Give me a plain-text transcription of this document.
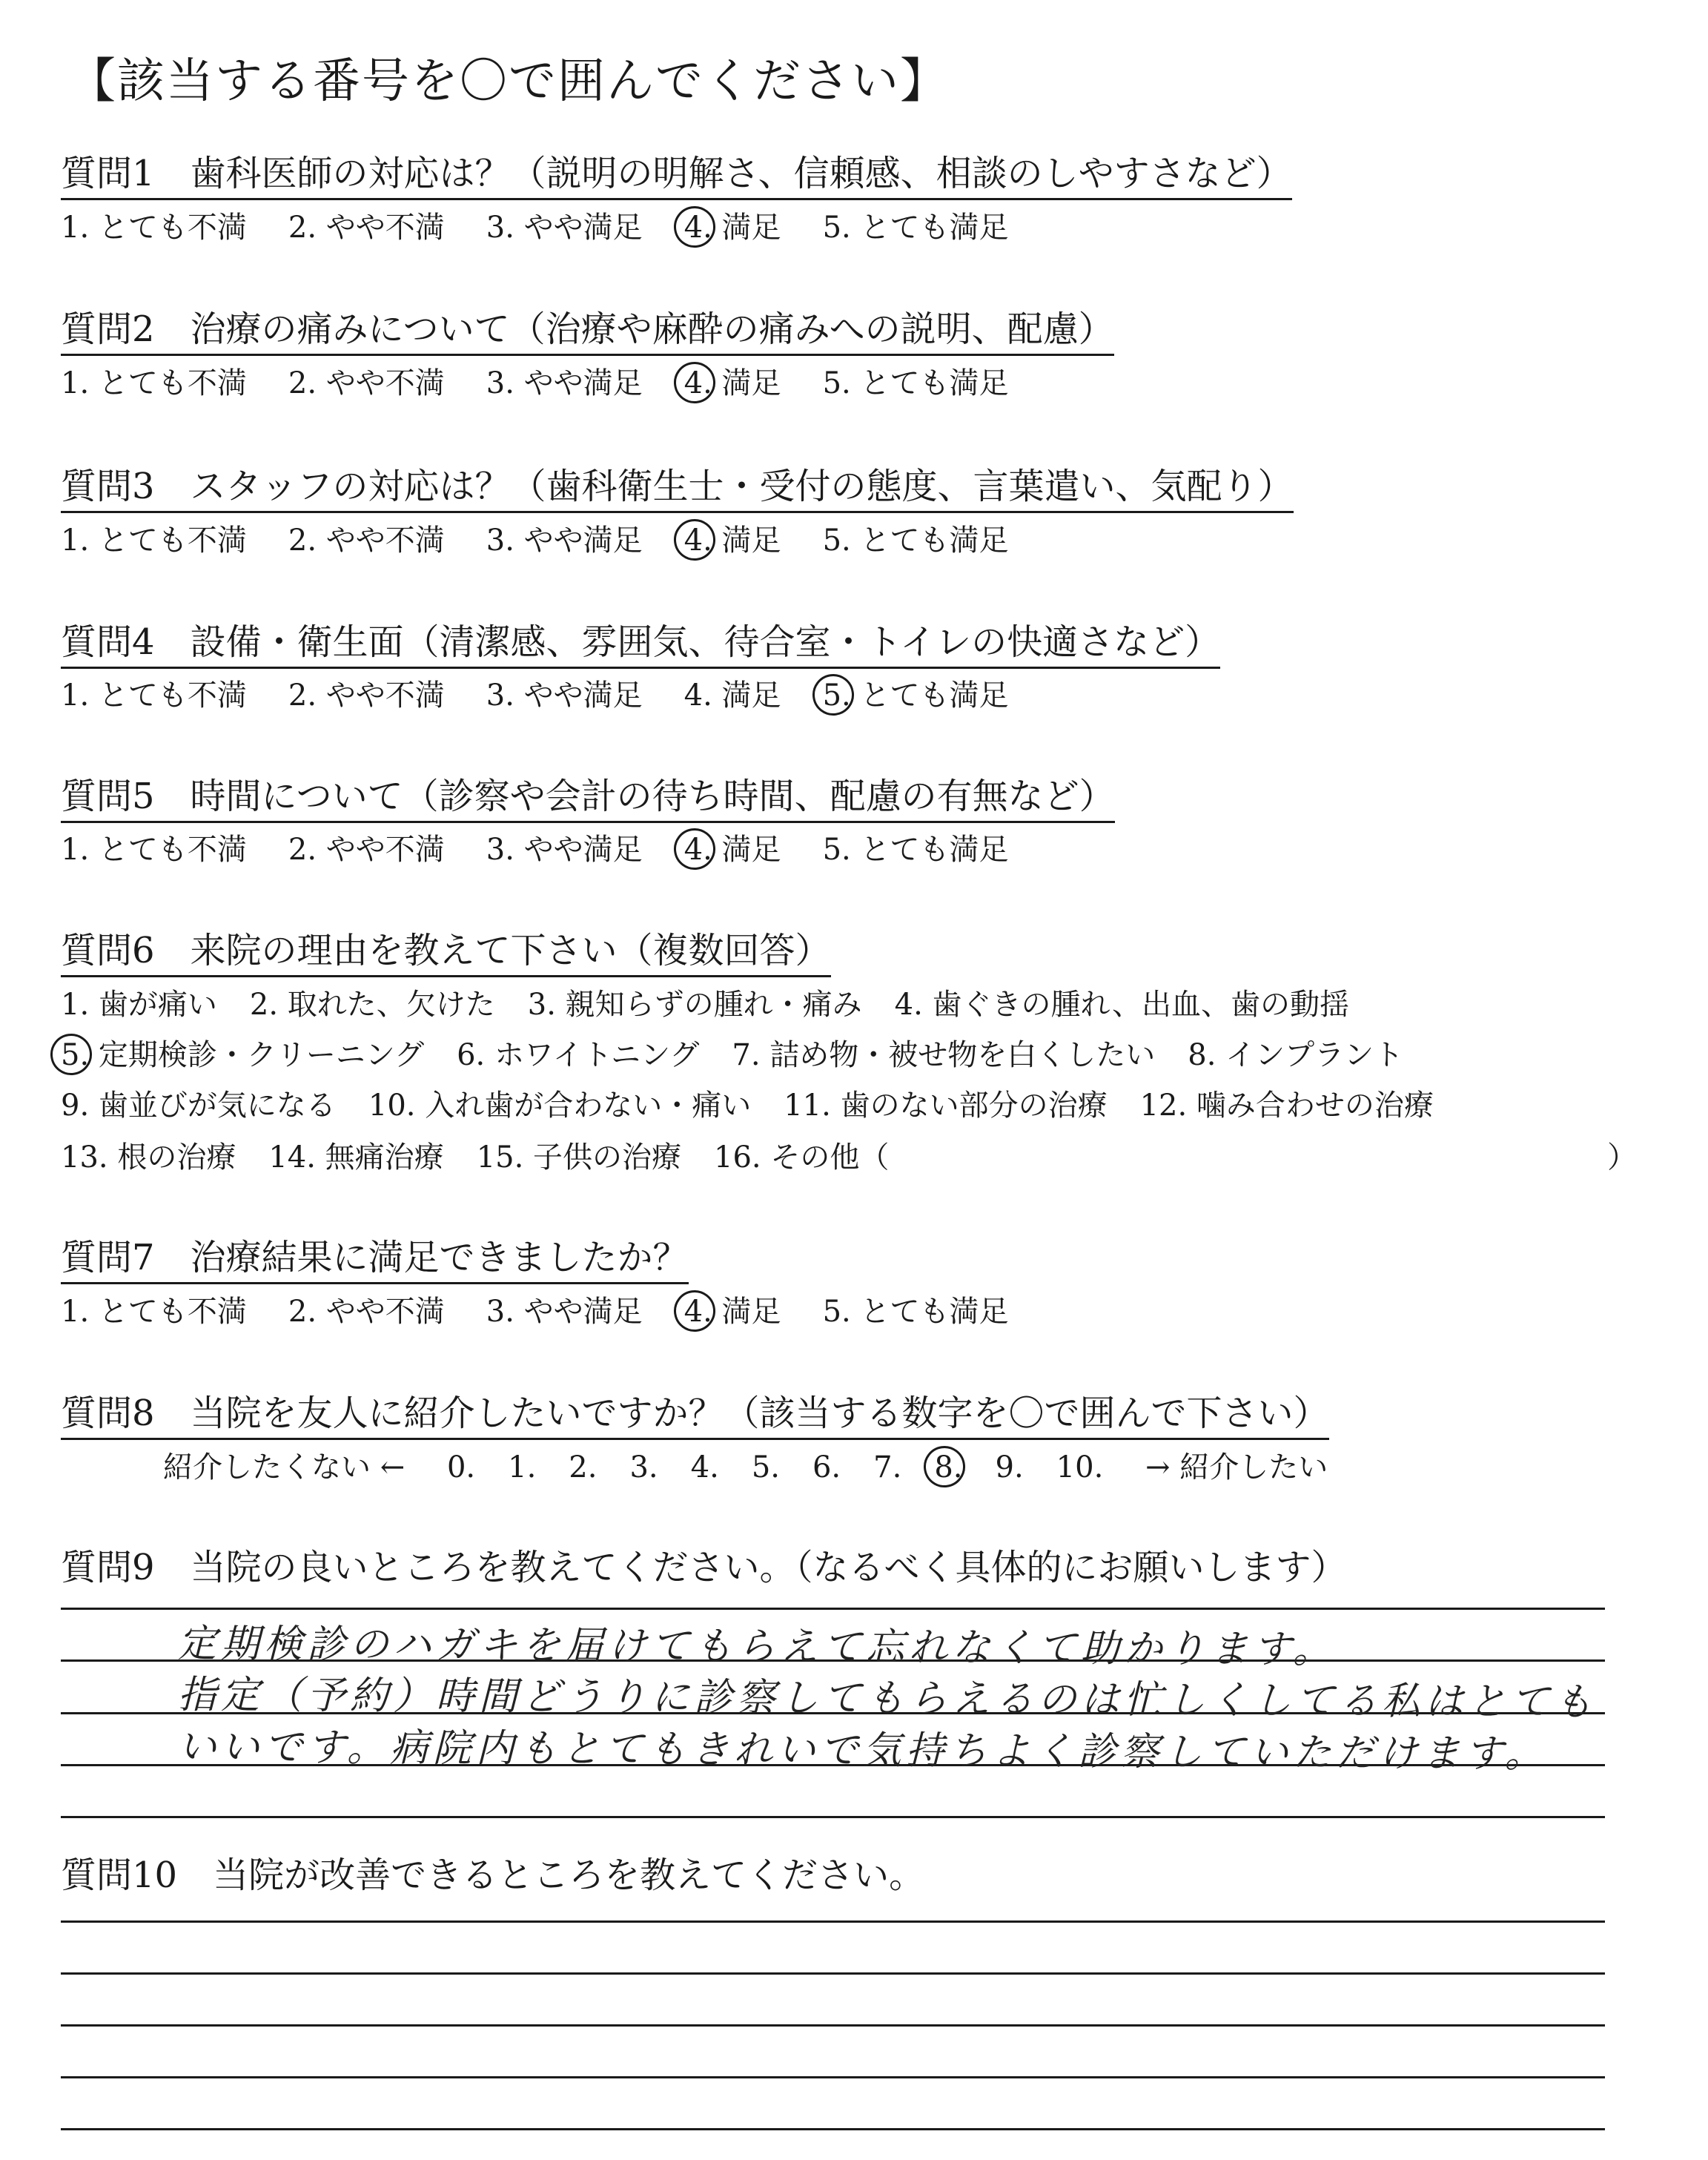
【該当する番号を〇で囲んでください】
質問1　歯科医師の対応は？（説明の明解さ、信頼感、相談のしやすさなど）
1. とても不満 2. やや不満 3. やや満足 4. 満足 5. とても満足
質問2　治療の痛みについて（治療や麻酔の痛みへの説明、配慮）
1. とても不満 2. やや不満 3. やや満足 4. 満足 5. とても満足
質問3　スタッフの対応は？（歯科衛生士・受付の態度、言葉遣い、気配り）
1. とても不満 2. やや不満 3. やや満足 4. 満足 5. とても満足
質問4　設備・衛生面（清潔感、雰囲気、待合室・トイレの快適さなど）
1. とても不満 2. やや不満 3. やや満足 4. 満足 5. とても満足
質問5　時間について（診察や会計の待ち時間、配慮の有無など）
1. とても不満 2. やや不満 3. やや満足 4. 満足 5. とても満足
質問6　来院の理由を教えて下さい（複数回答）
1. 歯が痛い 2. 取れた、欠けた 3. 親知らずの腫れ・痛み 4. 歯ぐきの腫れ、出血、歯の動揺
5. 定期検診・クリーニング 6. ホワイトニング 7. 詰め物・被せ物を白くしたい 8. インプラント
9. 歯並びが気になる 10. 入れ歯が合わない・痛い 11. 歯のない部分の治療 12. 噛み合わせの治療
13. 根の治療 14. 無痛治療 15. 子供の治療 16. その他（	）
質問7　治療結果に満足できましたか？
1. とても不満 2. やや不満 3. やや満足 4. 満足 5. とても満足
質問8　当院を友人に紹介したいですか？（該当する数字を〇で囲んで下さい）
紹介したくない ← 0. 1. 2. 3. 4. 5. 6. 7. 8. 9. 10. → 紹介したい
質問9　当院の良いところを教えてください。（なるべく具体的にお願いします）
定期検診のハガキを届けてもらえて忘れなくて助かります。
指定（予約）時間どうりに診察してもらえるのは忙しくしてる私はとても
いいです。病院内もとてもきれいで気持ちよく診察していただけます。
質問10　当院が改善できるところを教えてください。
